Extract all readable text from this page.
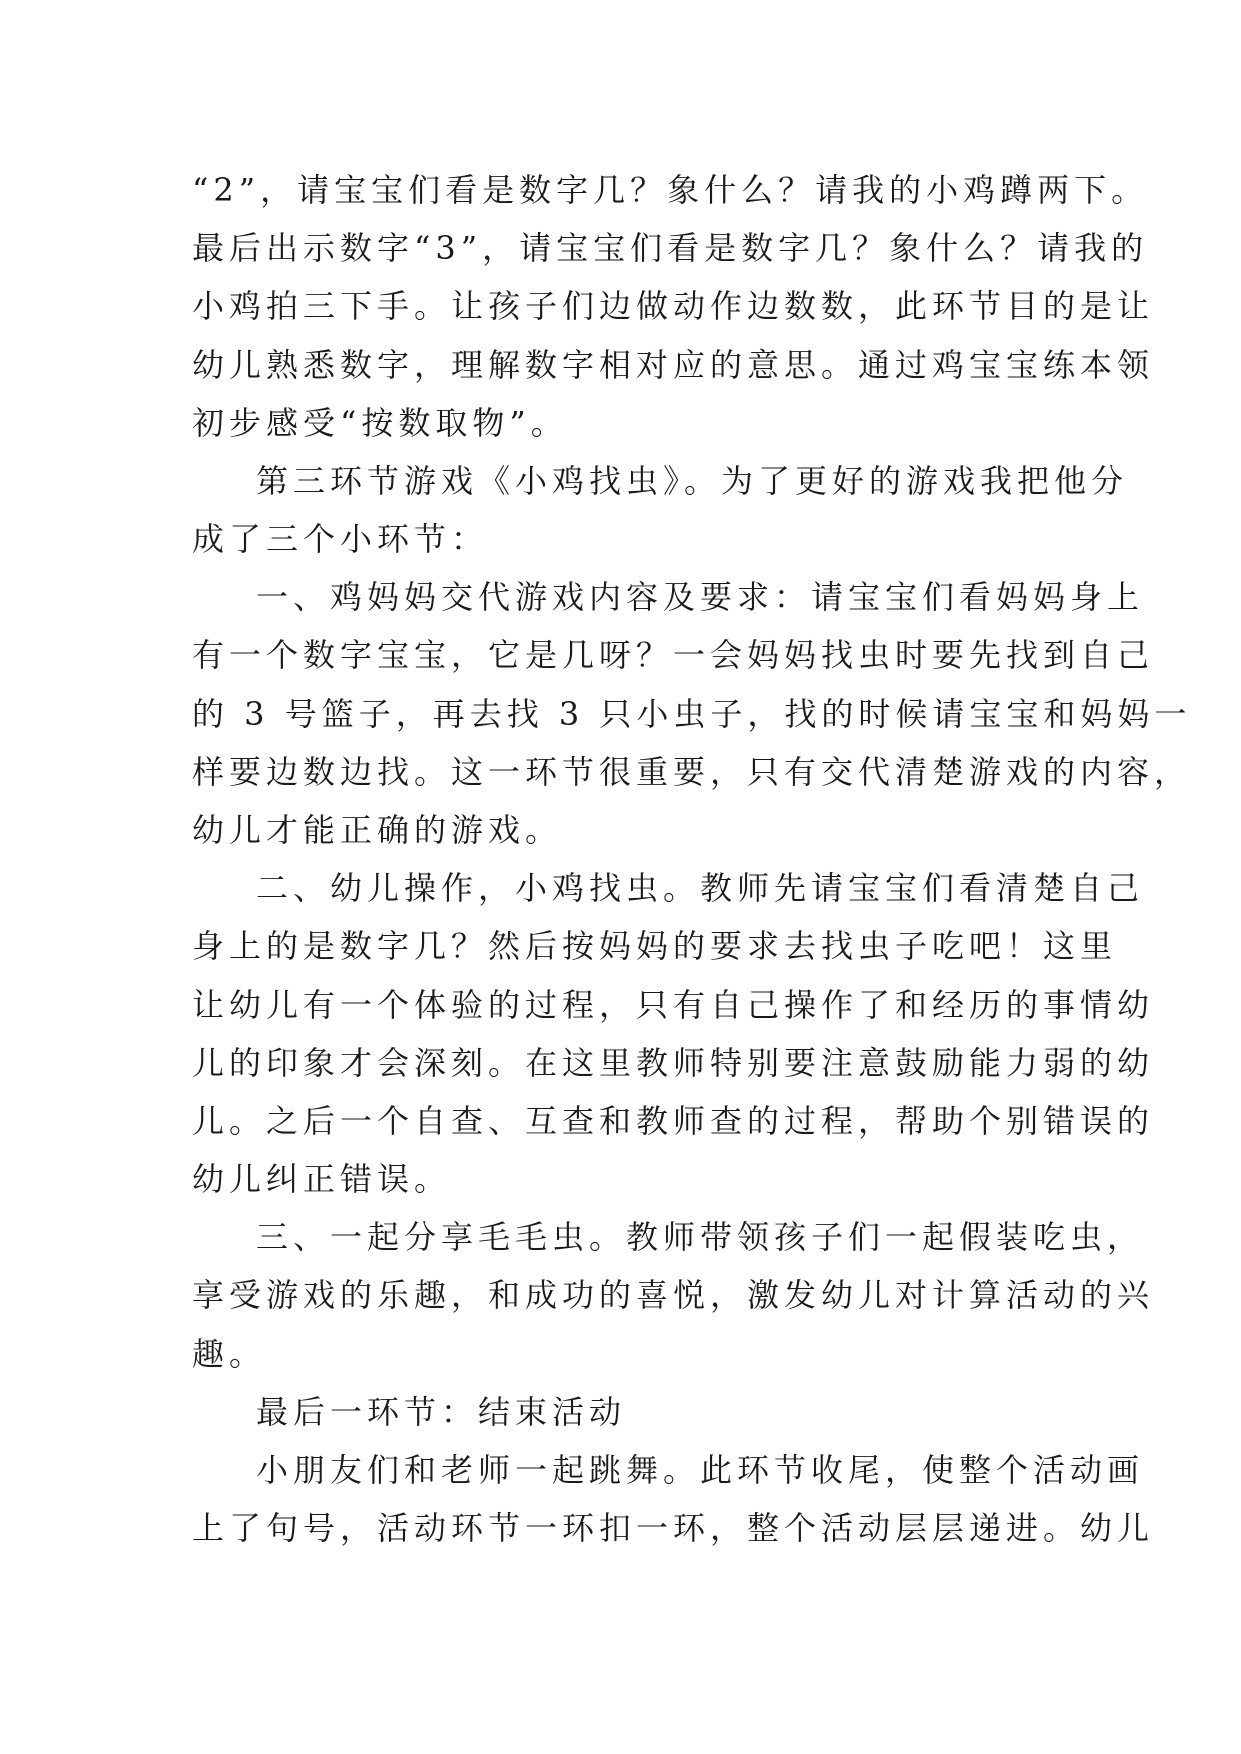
“2”，请宝宝们看是数字几？象什么？请我的小鸡蹲两下。
最后出示数字“3”，请宝宝们看是数字几？象什么？请我的
小鸡拍三下手。让孩子们边做动作边数数，此环节目的是让
幼儿熟悉数字，理解数字相对应的意思。通过鸡宝宝练本领
初步感受“按数取物”。
第三环节游戏《小鸡找虫》。为了更好的游戏我把他分
成了三个小环节：
一、鸡妈妈交代游戏内容及要求：请宝宝们看妈妈身上
有一个数字宝宝，它是几呀？一会妈妈找虫时要先找到自己
的 3 号篮子，再去找 3 只小虫子，找的时候请宝宝和妈妈一
样要边数边找。这一环节很重要，只有交代清楚游戏的内容，
幼儿才能正确的游戏。
二、幼儿操作，小鸡找虫。教师先请宝宝们看清楚自己
身上的是数字几？然后按妈妈的要求去找虫子吃吧！这里
让幼儿有一个体验的过程，只有自己操作了和经历的事情幼
儿的印象才会深刻。在这里教师特别要注意鼓励能力弱的幼
儿。之后一个自查、互查和教师查的过程，帮助个别错误的
幼儿纠正错误。
三、一起分享毛毛虫。教师带领孩子们一起假装吃虫，
享受游戏的乐趣，和成功的喜悦，激发幼儿对计算活动的兴
趣。
最后一环节：结束活动
小朋友们和老师一起跳舞。此环节收尾，使整个活动画
上了句号，活动环节一环扣一环，整个活动层层递进。幼儿
